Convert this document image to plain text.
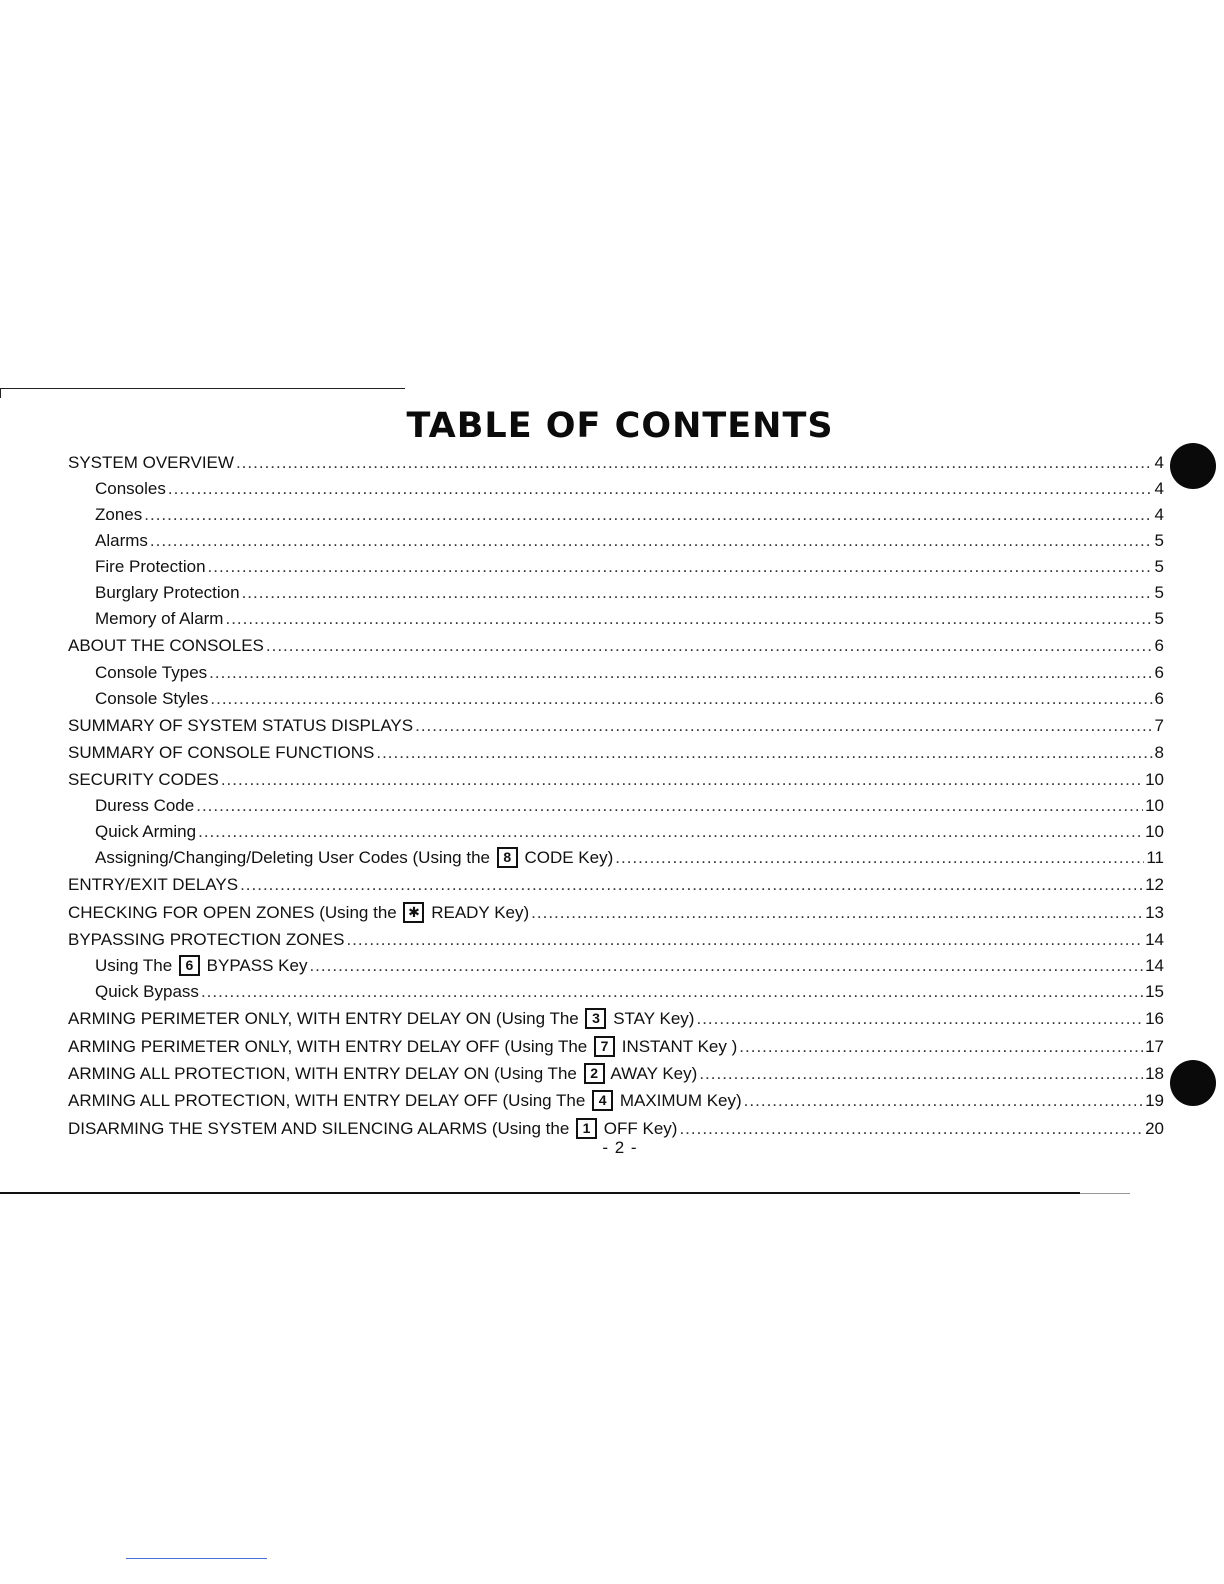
TABLE OF CONTENTS
SYSTEM OVERVIEW .....	4
Consoles .....	4
Zones .....	4
Alarms .....	5
Fire Protection .....	5
Burglary Protection .....	5
Memory of Alarm .....	5
ABOUT THE CONSOLES .....	6
Console Types .....	6
Console Styles .....	6
SUMMARY OF SYSTEM STATUS DISPLAYS .....	7
SUMMARY OF CONSOLE FUNCTIONS .....	8
SECURITY CODES .....	10
Duress Code .....	10
Quick Arming .....	10
Assigning/Changing/Deleting User Codes (Using the 8 CODE Key) .....	11
ENTRY/EXIT DELAYS .....	12
CHECKING FOR OPEN ZONES (Using the ✱ READY Key) .....	13
BYPASSING PROTECTION ZONES .....	14
Using The 6 BYPASS Key .....	14
Quick Bypass .....	15
ARMING PERIMETER ONLY, WITH ENTRY DELAY ON (Using The 3 STAY Key) .....	16
ARMING PERIMETER ONLY, WITH ENTRY DELAY OFF (Using The 7 INSTANT Key ) .....	17
ARMING ALL PROTECTION, WITH ENTRY DELAY ON (Using The 2 AWAY Key) .....	18
ARMING ALL PROTECTION, WITH ENTRY DELAY OFF (Using The 4 MAXIMUM Key) .....	19
DISARMING THE SYSTEM AND SILENCING ALARMS (Using the 1 OFF Key) .....	20
- 2 -
